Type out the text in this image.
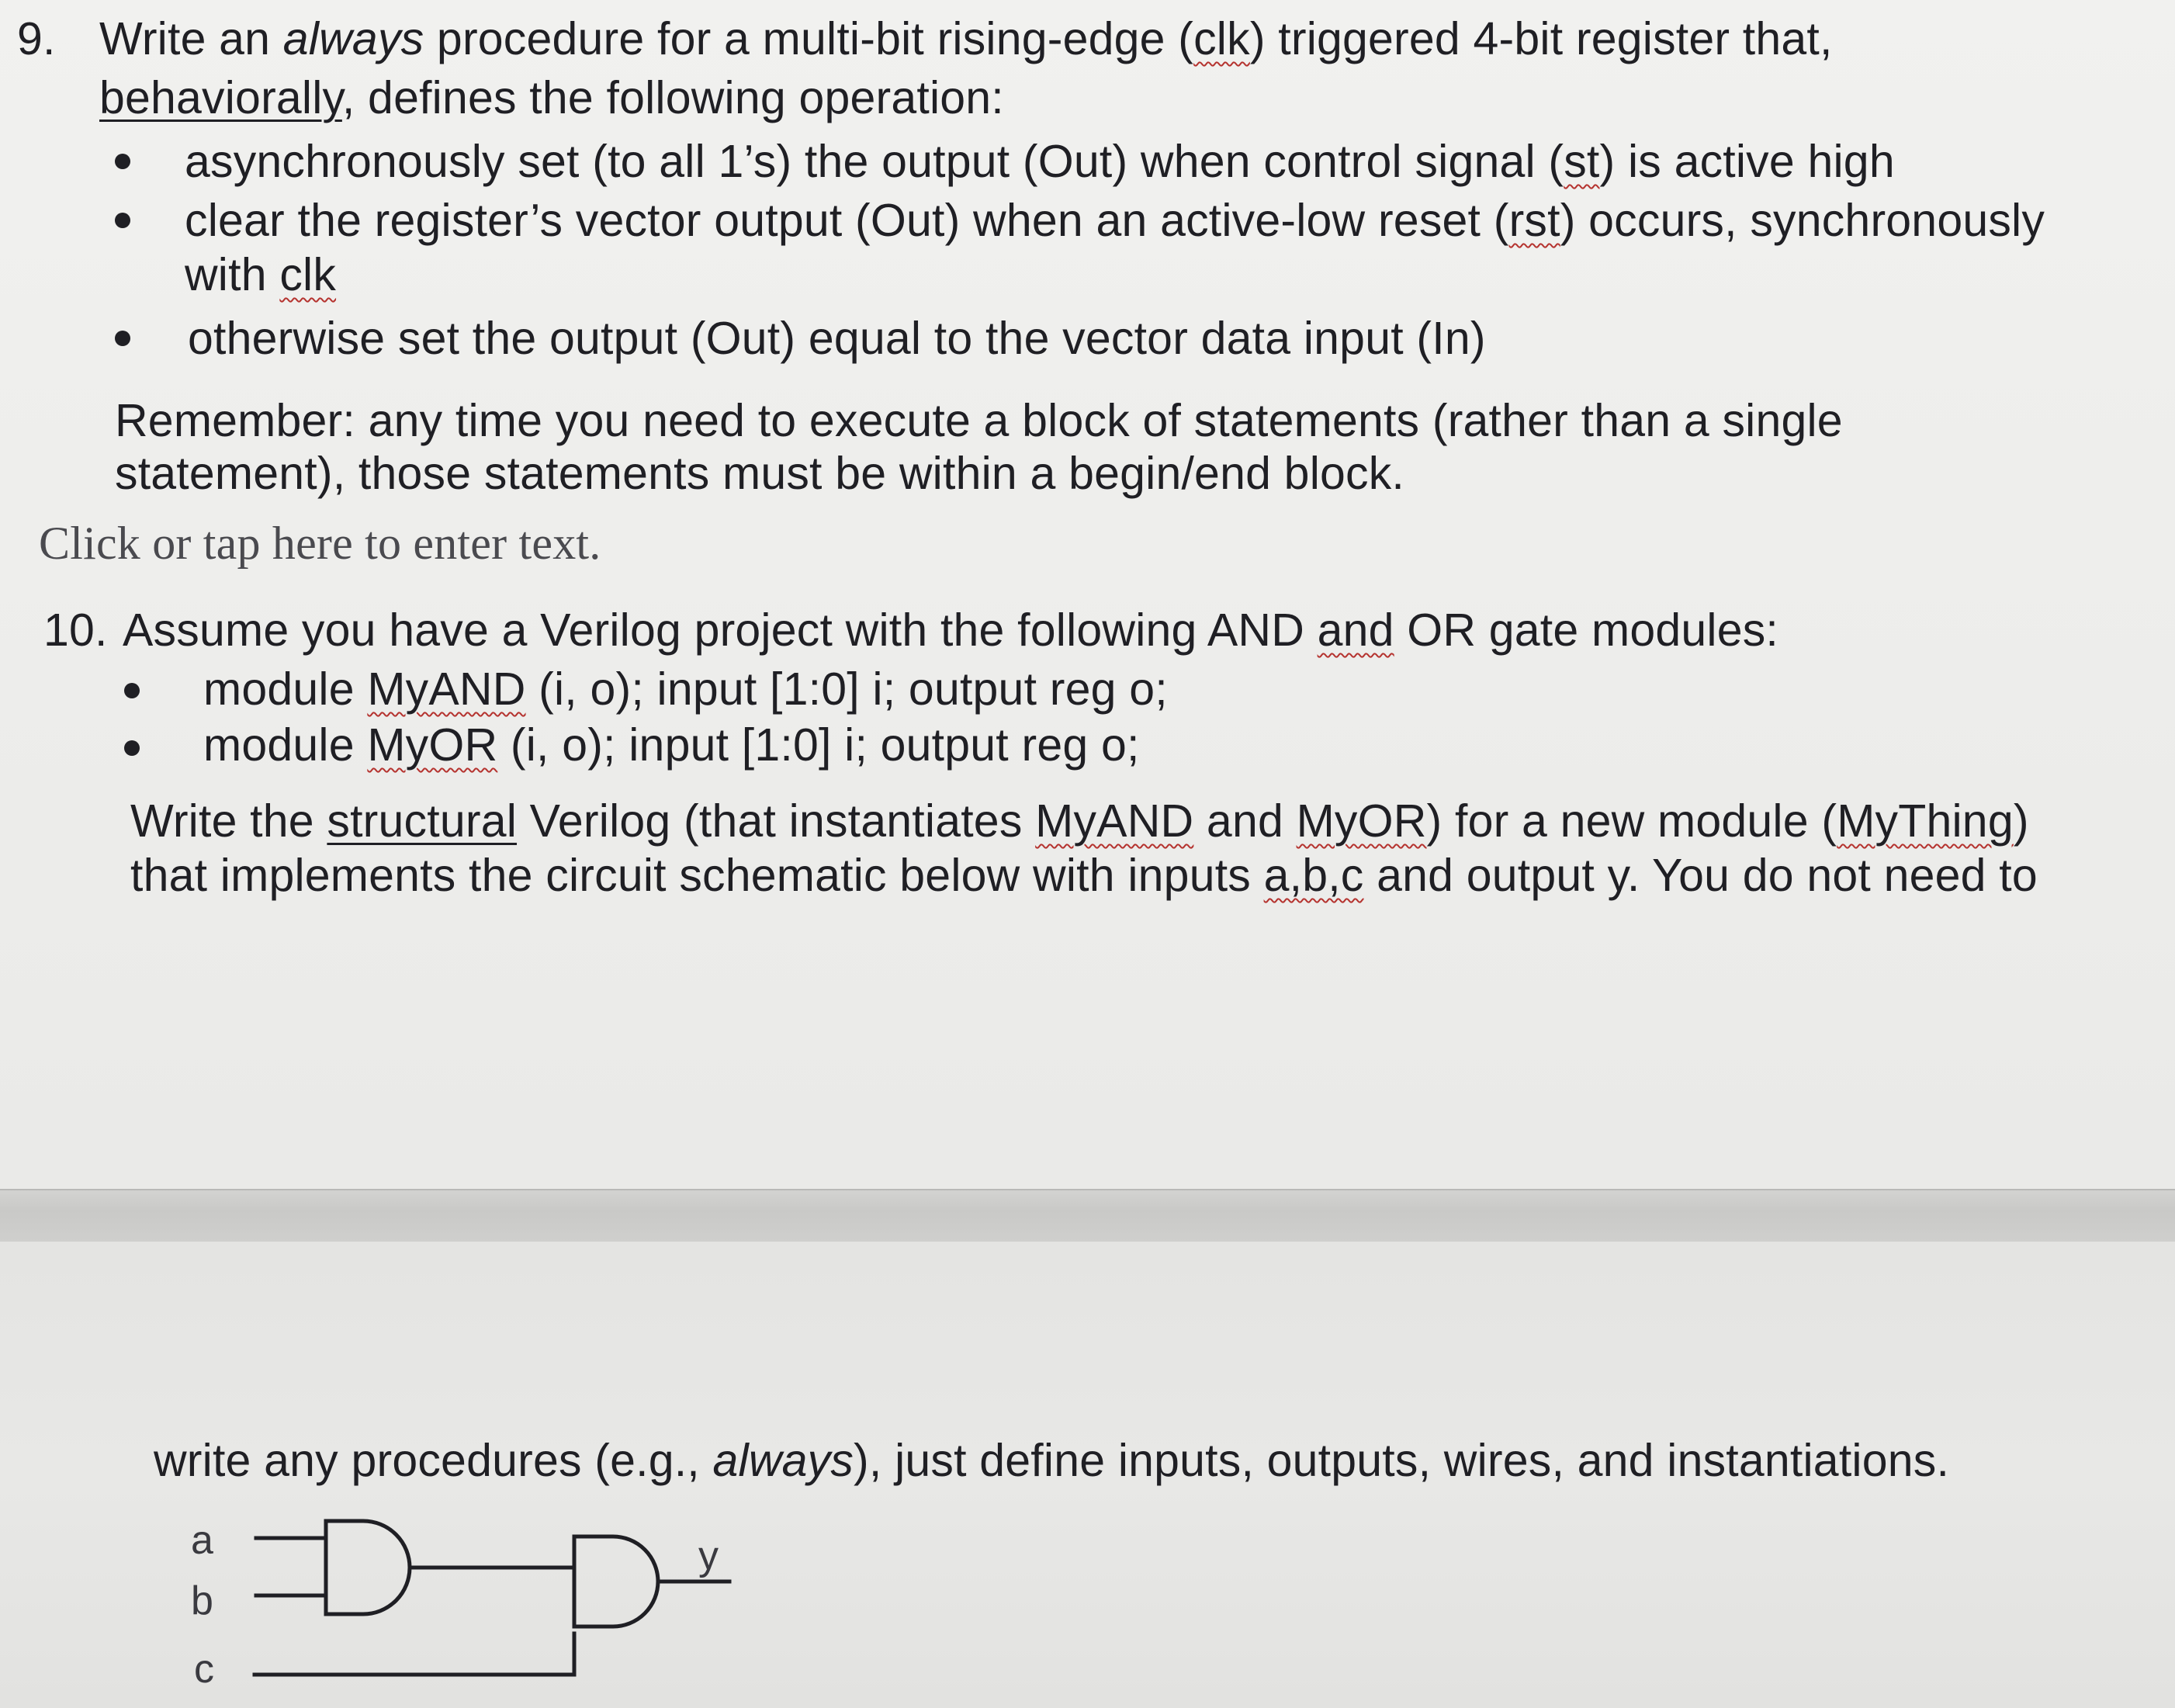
9. Write an always procedure for a multi-bit rising-edge (clk) triggered 4-bit register that,
behaviorally, defines the following operation:
asynchronously set (to all 1’s) the output (Out) when control signal (st) is active high
clear the register’s vector output (Out) when an active-low reset (rst) occurs, synchronously
with clk
otherwise set the output (Out) equal to the vector data input (In)
Remember: any time you need to execute a block of statements (rather than a single
statement), those statements must be within a begin/end block.
Click or tap here to enter text.
10. Assume you have a Verilog project with the following AND and OR gate modules:
module MyAND (i, o); input [1:0] i; output reg o;
module MyOR (i, o); input [1:0] i; output reg o;
Write the structural Verilog (that instantiates MyAND and MyOR) for a new module (MyThing)
that implements the circuit schematic below with inputs a,b,c and output y. You do not need to
write any procedures (e.g., always), just define inputs, outputs, wires, and instantiations.
a
b
c
y
